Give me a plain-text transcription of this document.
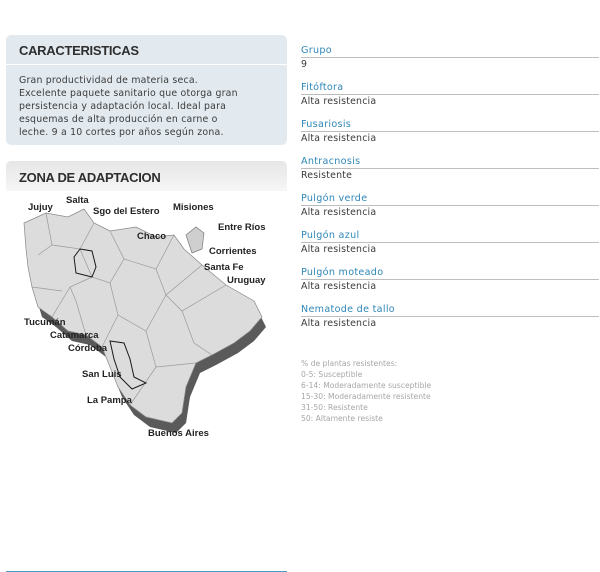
CARACTERISTICAS
Gran productividad de materia seca.
Excelente paquete sanitario que otorga gran
persistencia y adaptación local. Ideal para
esquemas de alta producción en carne o
leche. 9 a 10 cortes por años según zona.
ZONA DE ADAPTACION
Jujuy
Salta
Sgo del Estero Misiones
Chaco
Entre Ríos
Corrientes
Santa Fe
Uruguay
Tucumán
Catamarca
Córdoba
San Luis
La Pampa
Buenos Aires
Grupo
9
Fitóftora
Alta resistencia
Fusariosis
Alta resistencia
Antracnosis
Resistente
Pulgón verde
Alta resistencia
Pulgón azul
Alta resistencia
Pulgón moteado
Alta resistencia
Nematode de tallo
Alta resistencia
% de plantas resistentes:
0-5: Susceptible
6-14: Moderadamente susceptible
15-30: Moderadamente resistente
31-50: Resistente
50: Altamente resiste
